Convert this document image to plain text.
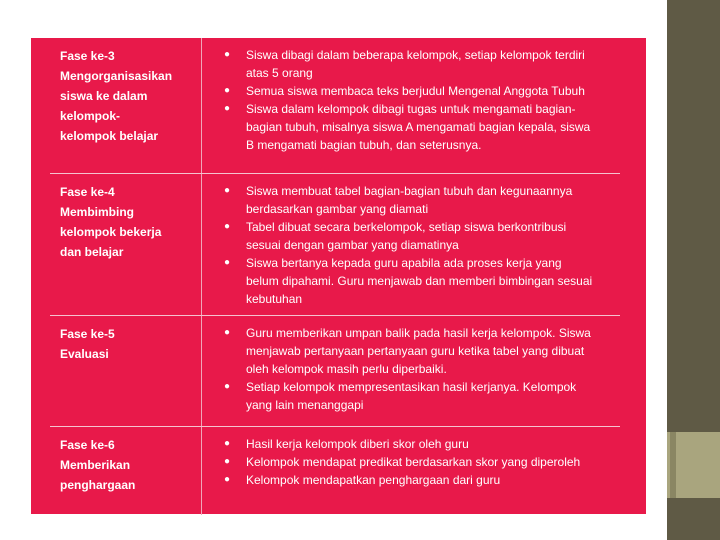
Fase ke-3
Mengorganisasikan
siswa ke dalam
kelompok-
kelompok belajar
● Siswa dibagi dalam beberapa kelompok, setiap kelompok terdiri
atas 5 orang
● Semua siswa membaca teks berjudul Mengenal Anggota Tubuh
● Siswa dalam kelompok dibagi tugas untuk mengamati bagian-
bagian tubuh, misalnya siswa A mengamati bagian kepala, siswa
B mengamati bagian tubuh, dan seterusnya.
Fase ke-4
Membimbing
kelompok bekerja
dan belajar
● Siswa membuat tabel bagian-bagian tubuh dan kegunaannya
berdasarkan gambar yang diamati
● Tabel dibuat secara berkelompok, setiap siswa berkontribusi
sesuai dengan gambar yang diamatinya
● Siswa bertanya kepada guru apabila ada proses kerja yang
belum dipahami. Guru menjawab dan memberi bimbingan sesuai
kebutuhan
Fase ke-5
Evaluasi
● Guru memberikan umpan balik pada hasil kerja kelompok. Siswa
menjawab pertanyaan pertanyaan guru ketika tabel yang dibuat
oleh kelompok masih perlu diperbaiki.
● Setiap kelompok mempresentasikan hasil kerjanya. Kelompok
yang lain menanggapi
Fase ke-6
Memberikan
penghargaan
● Hasil kerja kelompok diberi skor oleh guru
● Kelompok mendapat predikat berdasarkan skor yang diperoleh
● Kelompok mendapatkan penghargaan dari guru
